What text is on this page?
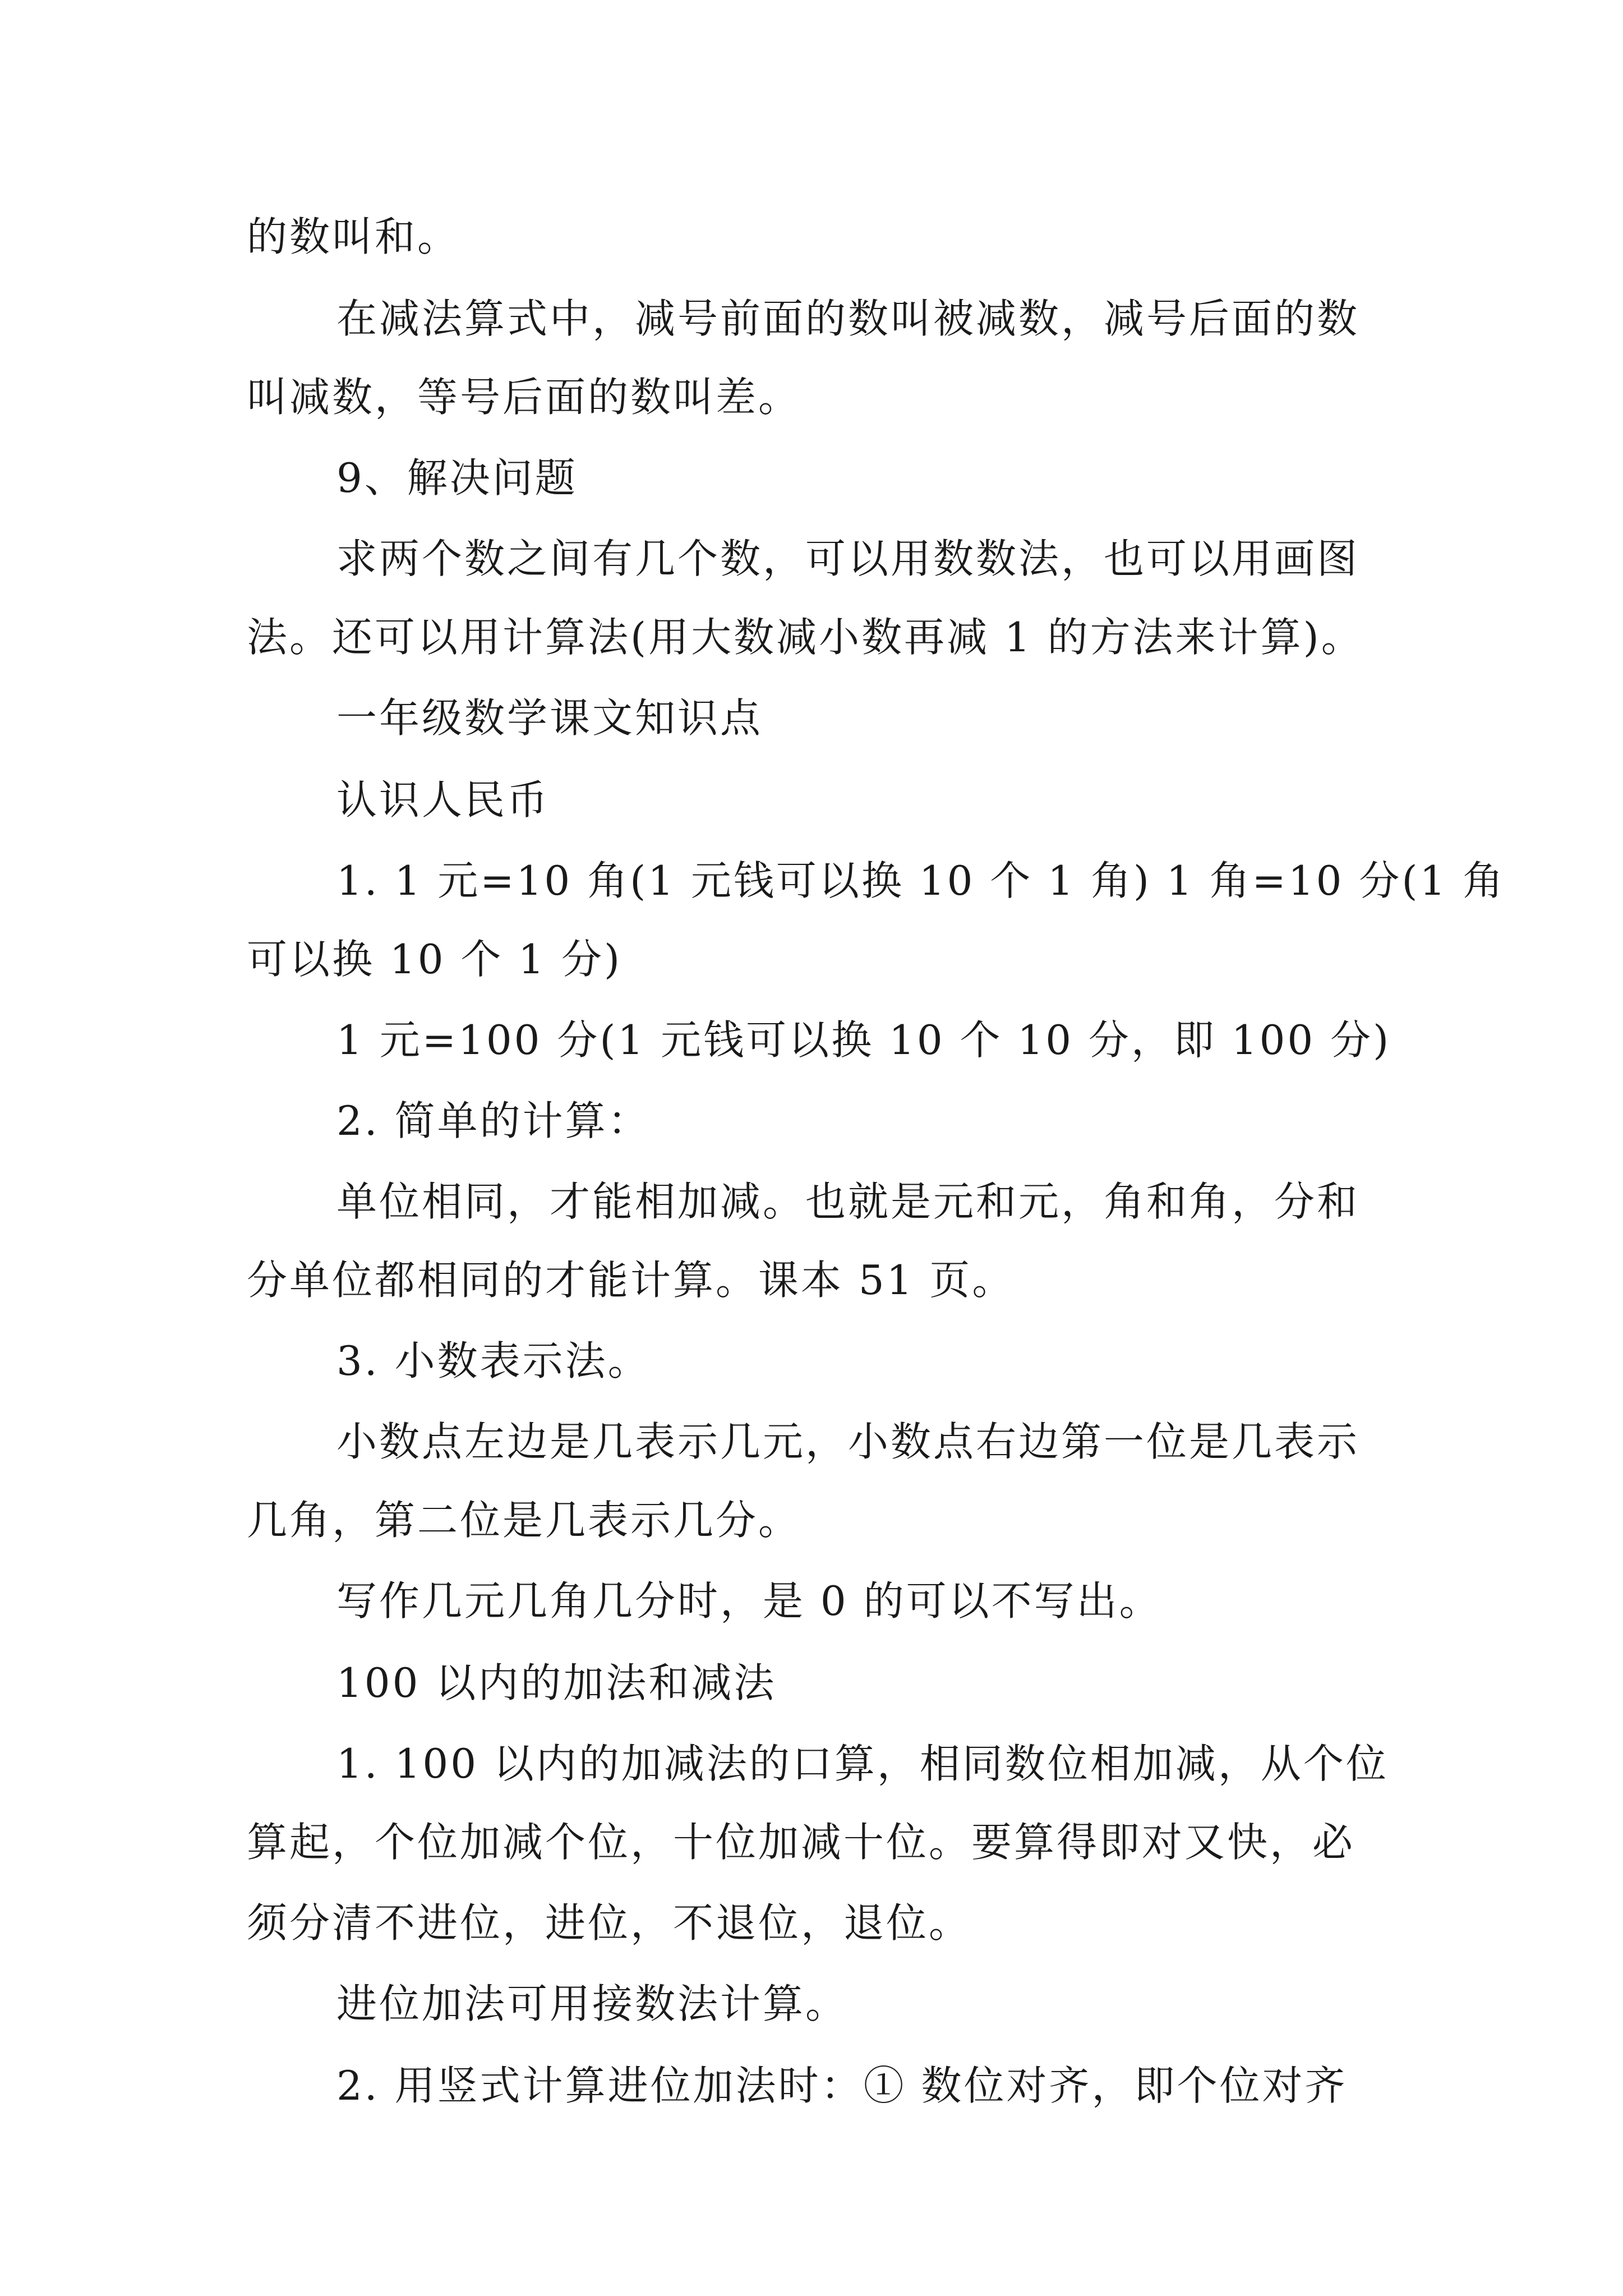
的数叫和。
在减法算式中，减号前面的数叫被减数，减号后面的数
叫减数，等号后面的数叫差。
9、解决问题
求两个数之间有几个数，可以用数数法，也可以用画图
法。还可以用计算法(用大数减小数再减 1 的方法来计算)。
一年级数学课文知识点
认识人民币
1. 1 元=10 角(1 元钱可以换 10 个 1 角) 1 角=10 分(1 角
可以换 10 个 1 分)
1 元=100 分(1 元钱可以换 10 个 10 分，即 100 分)
2. 简单的计算：
单位相同，才能相加减。也就是元和元，角和角，分和
分单位都相同的才能计算。课本 51 页。
3. 小数表示法。
小数点左边是几表示几元，小数点右边第一位是几表示
几角，第二位是几表示几分。
写作几元几角几分时，是 0 的可以不写出。
100 以内的加法和减法
1. 100 以内的加减法的口算，相同数位相加减，从个位
算起，个位加减个位，十位加减十位。要算得即对又快，必
须分清不进位，进位，不退位，退位。
进位加法可用接数法计算。
2. 用竖式计算进位加法时：① 数位对齐，即个位对齐
